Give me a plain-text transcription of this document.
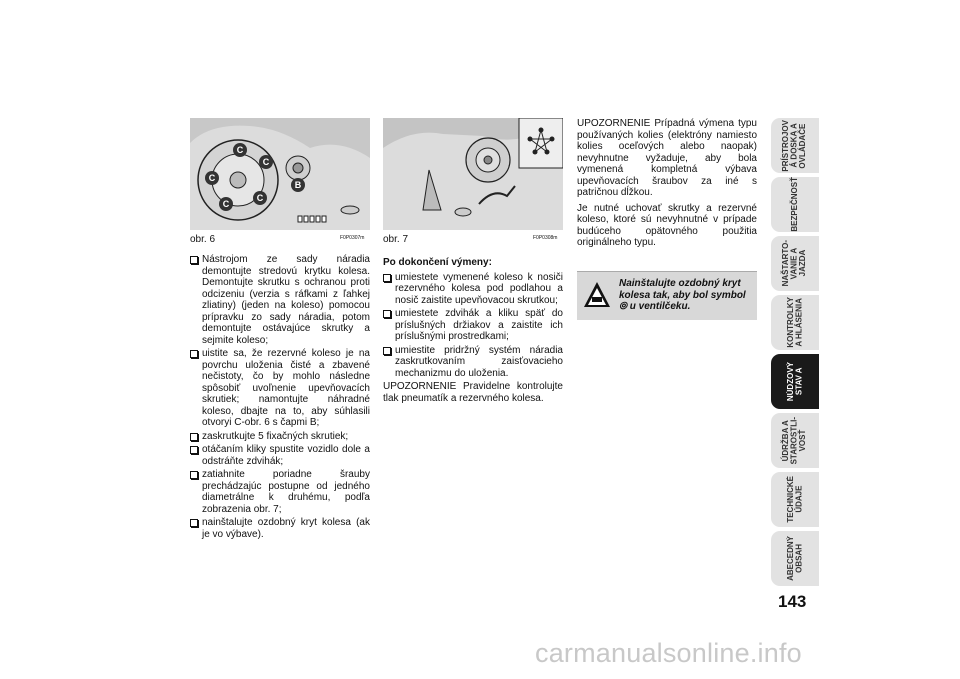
C
C
C
C
C
B
obr. 6	F0P0307m obr. 7	F0P0308m
Nástrojom ze sady náradia demontujte stredovú krytku kolesa. Demontujte skrutku s ochranou proti odcizeniu (verzia s ráfkami z ľahkej zliatiny) (jeden na koleso) pomocou prípravku zo sady náradia, potom demontujte ostávajúce skrutky a sejmite koleso;
uistite sa, že rezervné koleso je na povrchu uloženia čisté a zbavené nečistoty, čo by mohlo následne spôsobiť uvoľnenie upevňovacích skrutiek; namontujte náhradné koleso, dbajte na to, aby súhlasili otvoryi C-obr. 6 s čapmi B;
zaskrutkujte 5 fixačných skrutiek;
otáčaním kliky spustite vozidlo dole a odstráňte zdvihák;
zatiahnite poriadne šrauby prechádzajúc postupne od jedného diametrálne k druhému, podľa zobrazenia obr. 7;
nainštalujte ozdobný kryt kolesa (ak je vo výbave).

Po dokončení výmeny:

umiestete vymenené koleso k nosiči rezervného kolesa pod podlahou a nosič zaistite upevňovacou skrutkou;
umiestete zdvihák a kliku späť do príslušných držiakov a zaistite ich príslušnými prostredkami;
umiestite pridržný systém náradia zaskrutkovaním zaisťovacieho mechanizmu do uloženia.

UPOZORNENIE Pravidelne kontrolujte tlak pneumatík a rezervného kolesa.

UPOZORNENIE Prípadná výmena typu používaných kolies (elektróny namiesto kolies oceľových alebo naopak) nevyhnutne vyžaduje, aby bola vymenená kompletná výbava upevňovacích šraubov za iné s patričnou dĺžkou.

Je nutné uchovať skrutky a rezervné koleso, ktoré sú nevyhnutné v prípade budúceho opätovného použitia originálneho typu.

Nainštalujte ozdobný kryt kolesa tak, aby bol symbol ⦾ u ventilčeku.
PRÍSTROJOV
Á DOSKA A
OVLÁDAČE
BEZPEČNOSŤ
NAŠTARTO-
VANIE A
JAZDA
KONTROLKY
A HLÁSENIA
NÚDZOVÝ
STAV A
ÚDRŽBA A
STAROSTLI-
VOSŤ
TECHNICKÉ
ÚDAJE
ABECEDNÝ
OBSAH
143
carmanualsonline.info
